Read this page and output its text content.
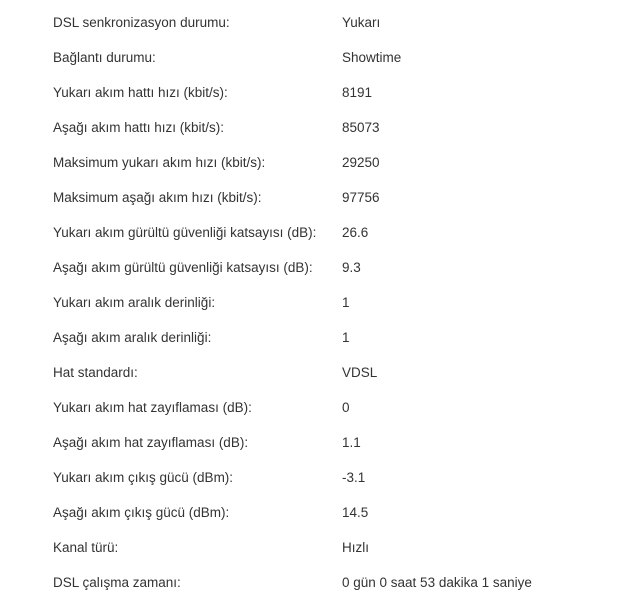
DSL senkronizasyon durumu:	Yukarı
Bağlantı durumu:	Showtime
Yukarı akım hattı hızı (kbit/s):	8191
Aşağı akım hattı hızı (kbit/s):	85073
Maksimum yukarı akım hızı (kbit/s):	29250
Maksimum aşağı akım hızı (kbit/s):	97756
Yukarı akım gürültü güvenliği katsayısı (dB):	26.6
Aşağı akım gürültü güvenliği katsayısı (dB):	9.3
Yukarı akım aralık derinliği:	1
Aşağı akım aralık derinliği:	1
Hat standardı:	VDSL
Yukarı akım hat zayıflaması (dB):	0
Aşağı akım hat zayıflaması (dB):	1.1
Yukarı akım çıkış gücü (dBm):	-3.1
Aşağı akım çıkış gücü (dBm):	14.5
Kanal türü:	Hızlı
DSL çalışma zamanı:	0 gün 0 saat 53 dakika 1 saniye
